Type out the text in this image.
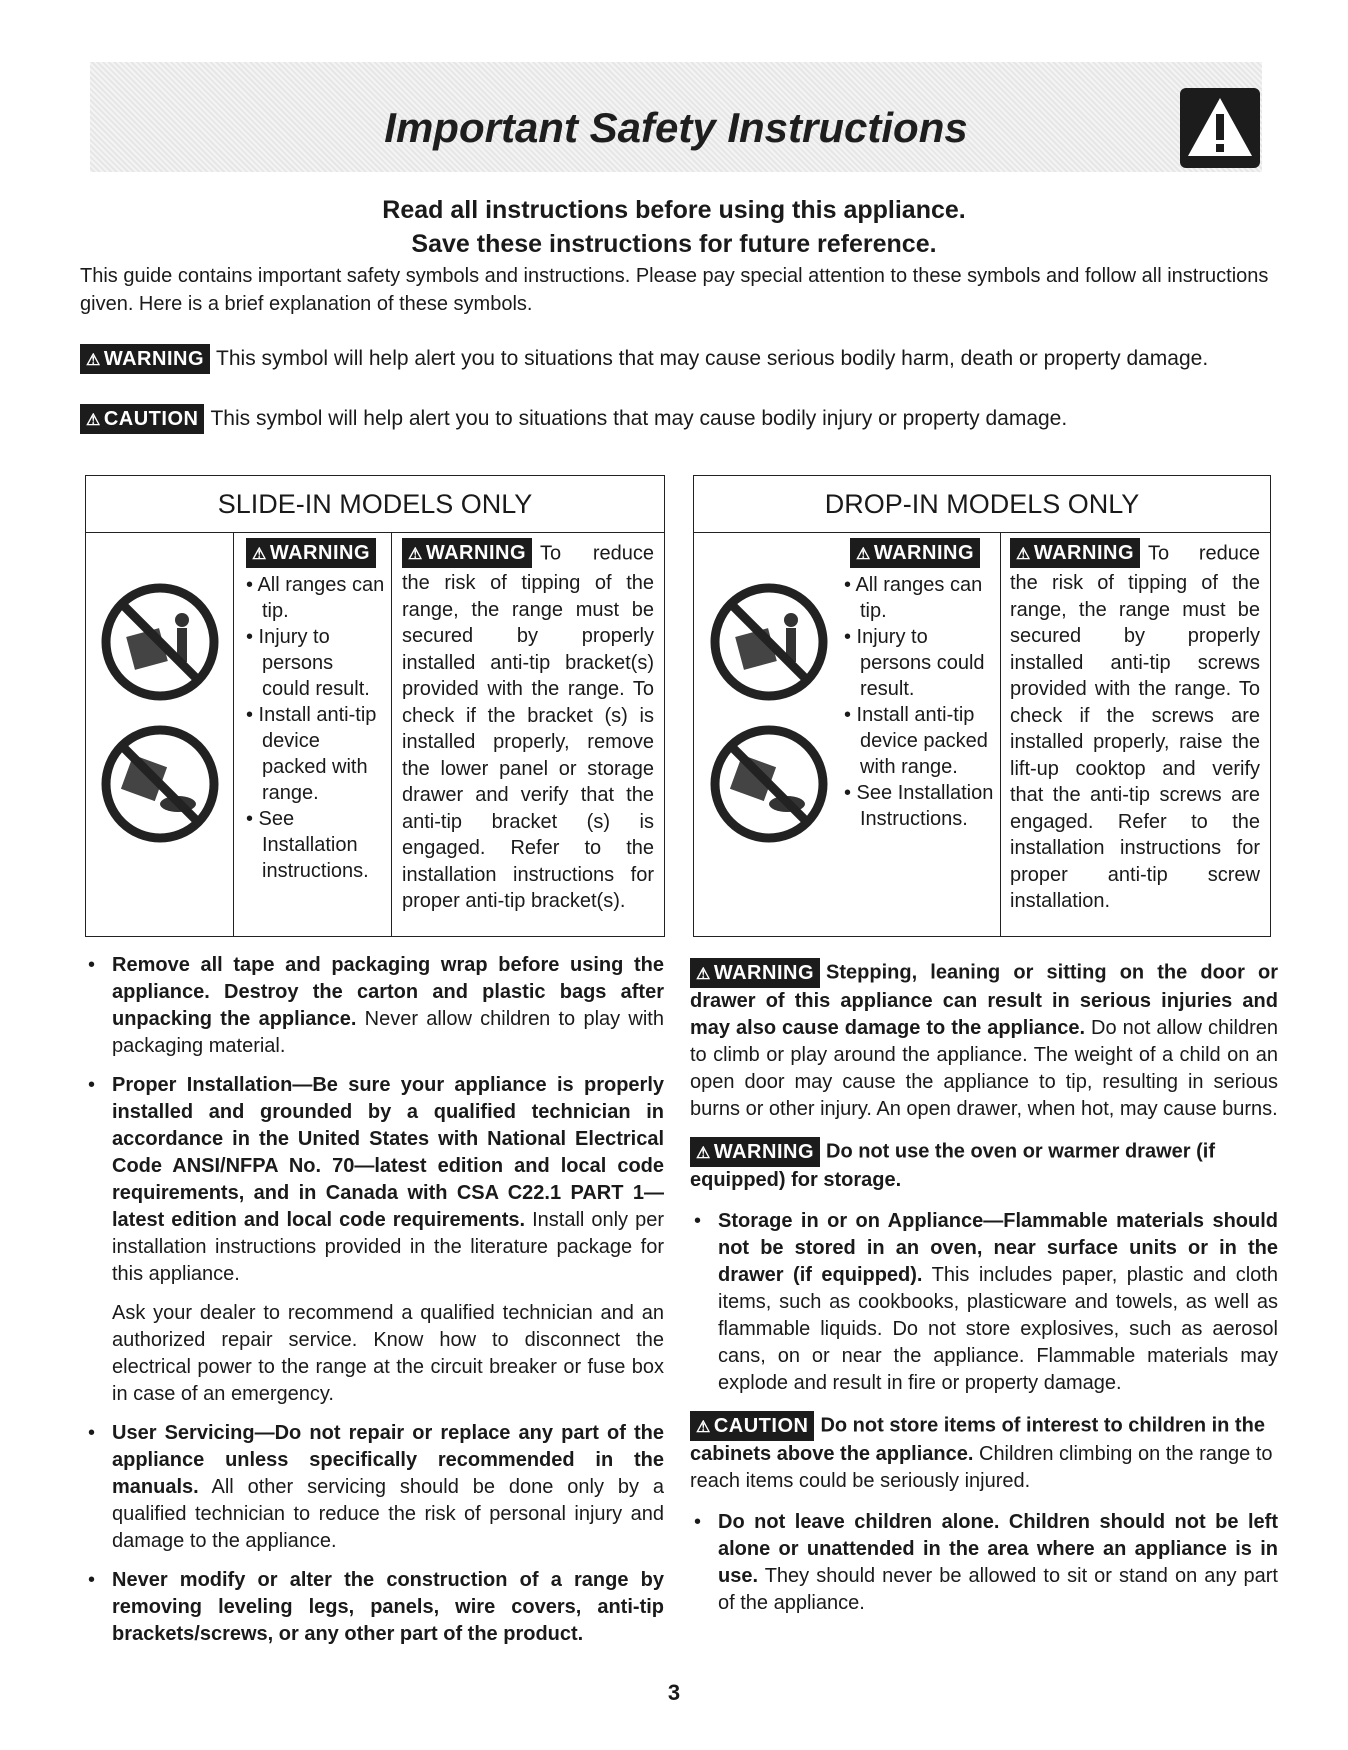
Important Safety Instructions
Read all instructions before using this appliance.
Save these instructions for future reference.
This guide contains important safety symbols and instructions. Please pay special attention to these symbols and follow all instructions given. Here is a brief explanation of these symbols.
⚠ WARNING This symbol will help alert you to situations that may cause serious bodily harm, death or property damage.
⚠ CAUTION This symbol will help alert you to situations that may cause bodily injury or property damage.
SLIDE-IN MODELS ONLY
⚠ WARNING
• All ranges can tip.
• Injury to persons could result.
• Install anti-tip device packed with range.
• See Installation instructions.
⚠ WARNING To reduce the risk of tipping of the range, the range must be secured by properly installed anti-tip bracket(s) provided with the range. To check if the bracket (s) is installed properly, remove the lower panel or storage drawer and verify that the anti-tip bracket (s) is engaged. Refer to the installation instructions for proper anti-tip bracket(s).
DROP-IN MODELS ONLY
⚠ WARNING
• All ranges can tip.
• Injury to persons could result.
• Install anti-tip device packed with range.
• See Installation Instructions.
⚠ WARNING To reduce the risk of tipping of the range, the range must be secured by properly installed anti-tip screws provided with the range. To check if the screws are installed properly, raise the lift-up cooktop and verify that the anti-tip screws are engaged. Refer to the installation instructions for proper anti-tip screw installation.
• Remove all tape and packaging wrap before using the appliance. Destroy the carton and plastic bags after unpacking the appliance. Never allow children to play with packaging material.
• Proper Installation—Be sure your appliance is properly installed and grounded by a qualified technician in accordance in the United States with National Electrical Code ANSI/NFPA No. 70—latest edition and local code requirements, and in Canada with CSA C22.1 PART 1—latest edition and local code requirements. Install only per installation instructions provided in the literature package for this appliance.
Ask your dealer to recommend a qualified technician and an authorized repair service. Know how to disconnect the electrical power to the range at the circuit breaker or fuse box in case of an emergency.
• User Servicing—Do not repair or replace any part of the appliance unless specifically recommended in the manuals. All other servicing should be done only by a qualified technician to reduce the risk of personal injury and damage to the appliance.
• Never modify or alter the construction of a range by removing leveling legs, panels, wire covers, anti-tip brackets/screws, or any other part of the product.
⚠ WARNING Stepping, leaning or sitting on the door or drawer of this appliance can result in serious injuries and may also cause damage to the appliance. Do not allow children to climb or play around the appliance. The weight of a child on an open door may cause the appliance to tip, resulting in serious burns or other injury. An open drawer, when hot, may cause burns.
⚠ WARNING Do not use the oven or warmer drawer (if equipped) for storage.
• Storage in or on Appliance—Flammable materials should not be stored in an oven, near surface units or in the drawer (if equipped). This includes paper, plastic and cloth items, such as cookbooks, plasticware and towels, as well as flammable liquids. Do not store explosives, such as aerosol cans, on or near the appliance. Flammable materials may explode and result in fire or property damage.
⚠ CAUTION Do not store items of interest to children in the cabinets above the appliance. Children climbing on the range to reach items could be seriously injured.
• Do not leave children alone. Children should not be left alone or unattended in the area where an appliance is in use. They should never be allowed to sit or stand on any part of the appliance.
3
